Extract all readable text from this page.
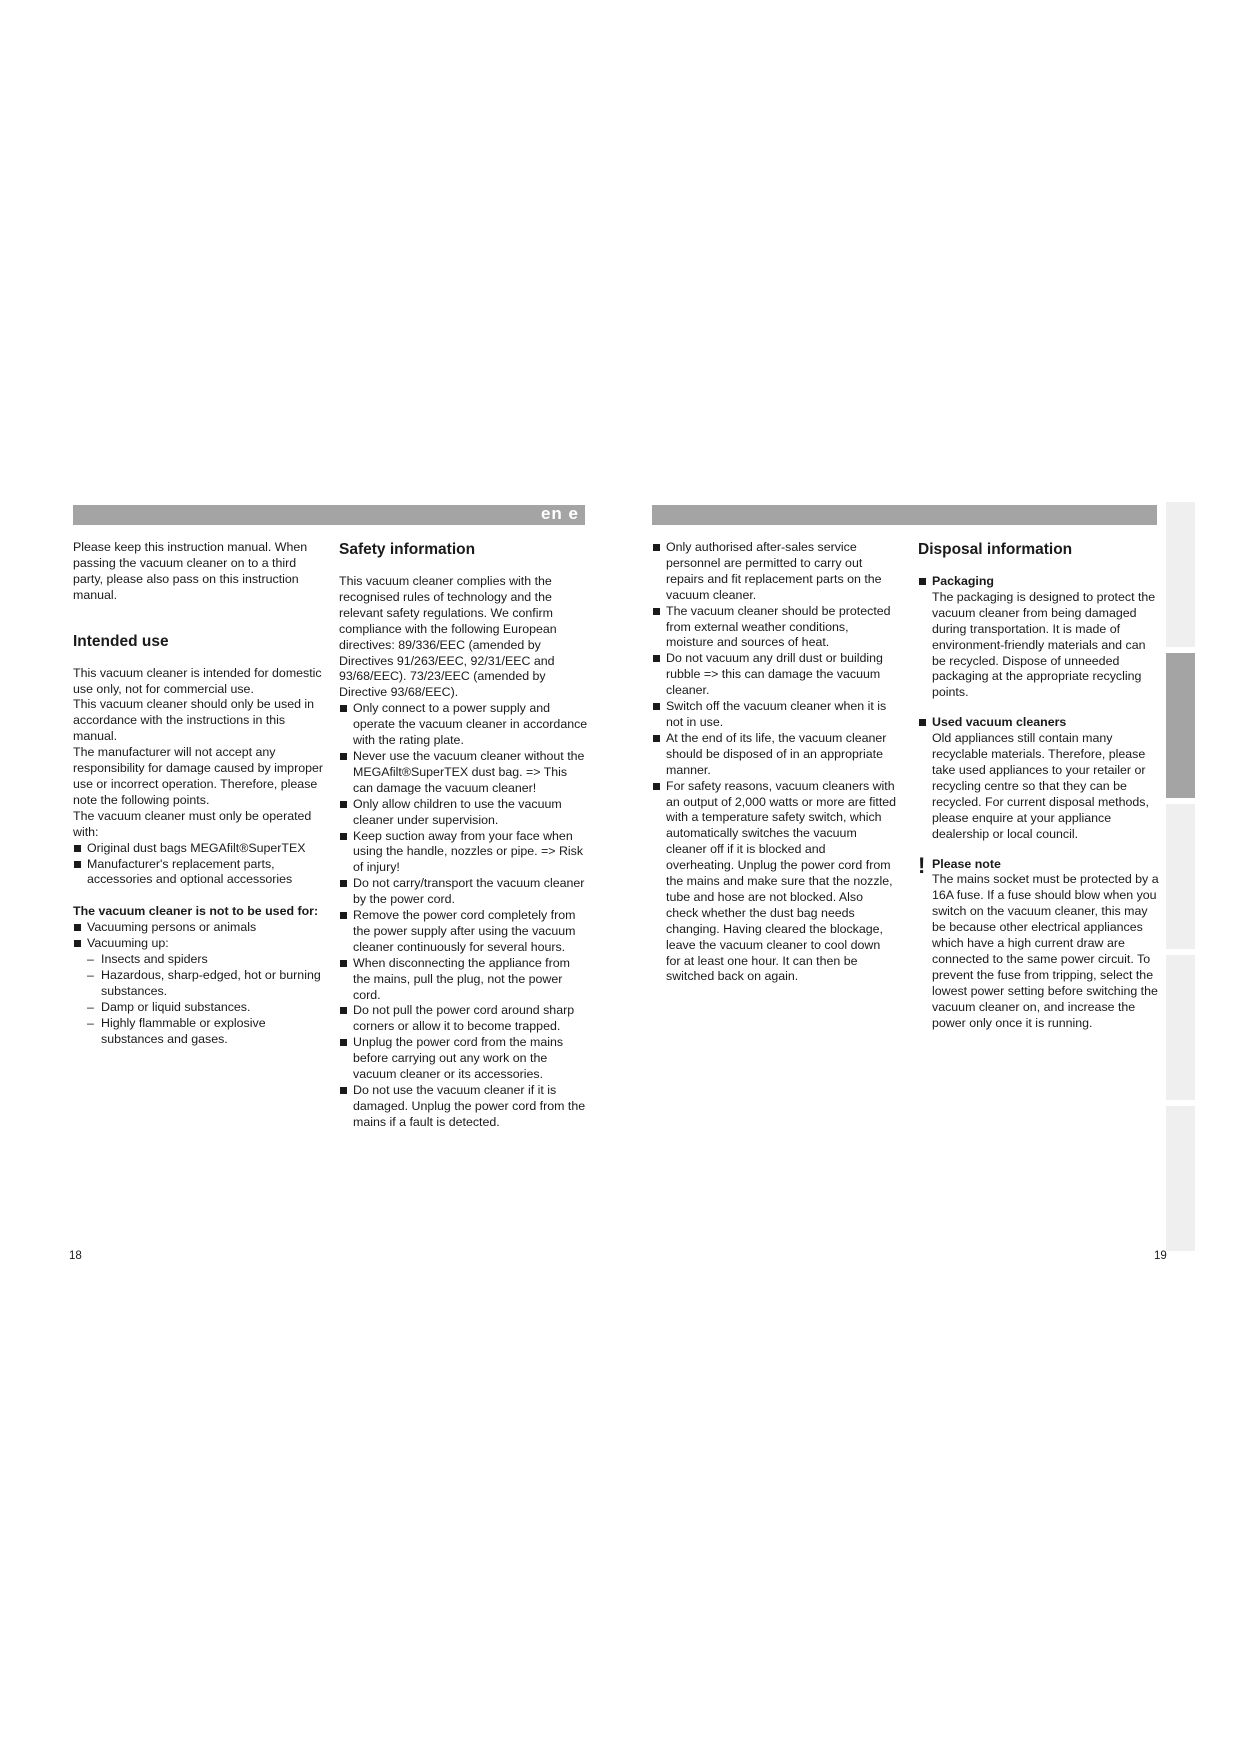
en e

Please keep this instruction manual. When passing the vacuum cleaner on to a third party, please also pass on this instruction manual.

Intended use

This vacuum cleaner is intended for domestic use only, not for commercial use.

This vacuum cleaner should only be used in accordance with the instructions in this manual.

The manufacturer will not accept any responsibility for damage caused by improper use or incorrect operation. Therefore, please note the following points.

The vacuum cleaner must only be operated with:

Original dust bags MEGAfilt®SuperTEX
Manufacturer's replacement parts, accessories and optional accessories
The vacuum cleaner is not to be used for:
Vacuuming persons or animals
Vacuuming up:
– Insects and spiders
– Hazardous, sharp-edged, hot or burning substances.
– Damp or liquid substances.
– Highly flammable or explosive substances and gases.
Safety information

This vacuum cleaner complies with the recognised rules of technology and the relevant safety regulations. We confirm compliance with the following European directives: 89/336/EEC (amended by Directives 91/263/EEC, 92/31/EEC and 93/68/EEC). 73/23/EEC (amended by Directive 93/68/EEC).

Only connect to a power supply and operate the vacuum cleaner in accordance with the rating plate.
Never use the vacuum cleaner without the MEGAfilt®SuperTEX dust bag. => This can damage the vacuum cleaner!
Only allow children to use the vacuum cleaner under supervision.
Keep suction away from your face when using the handle, nozzles or pipe. => Risk of injury!
Do not carry/transport the vacuum cleaner by the power cord.
Remove the power cord completely from the power supply after using the vacuum cleaner continuously for several hours.
When disconnecting the appliance from the mains, pull the plug, not the power cord.
Do not pull the power cord around sharp corners or allow it to become trapped.
Unplug the power cord from the mains before carrying out any work on the vacuum cleaner or its accessories.
Do not use the vacuum cleaner if it is damaged. Unplug the power cord from the mains if a fault is detected.
Only authorised after-sales service personnel are permitted to carry out repairs and fit replacement parts on the vacuum cleaner.
The vacuum cleaner should be protected from external weather conditions, moisture and sources of heat.
Do not vacuum any drill dust or building rubble => this can damage the vacuum cleaner.
Switch off the vacuum cleaner when it is not in use.
At the end of its life, the vacuum cleaner should be disposed of in an appropriate manner.
For safety reasons, vacuum cleaners with an output of 2,000 watts or more are fitted with a temperature safety switch, which automatically switches the vacuum cleaner off if it is blocked and overheating. Unplug the power cord from the mains and make sure that the nozzle, tube and hose are not blocked. Also check whether the dust bag needs changing. Having cleared the blockage, leave the vacuum cleaner to cool down for at least one hour. It can then be switched back on again.
Disposal information
Packaging

The packaging is designed to protect the vacuum cleaner from being damaged during transportation. It is made of environment-friendly materials and can be recycled. Dispose of unneeded packaging at the appropriate recycling points.

Used vacuum cleaners

Old appliances still contain many recyclable materials. Therefore, please take used appliances to your retailer or recycling centre so that they can be recycled. For current disposal methods, please enquire at your appliance dealership or local council.

! Please note

The mains socket must be protected by a 16A fuse. If a fuse should blow when you switch on the vacuum cleaner, this may be because other electrical appliances which have a high current draw are connected to the same power circuit. To prevent the fuse from tripping, select the lowest power setting before switching the vacuum cleaner on, and increase the power only once it is running.

18	19
